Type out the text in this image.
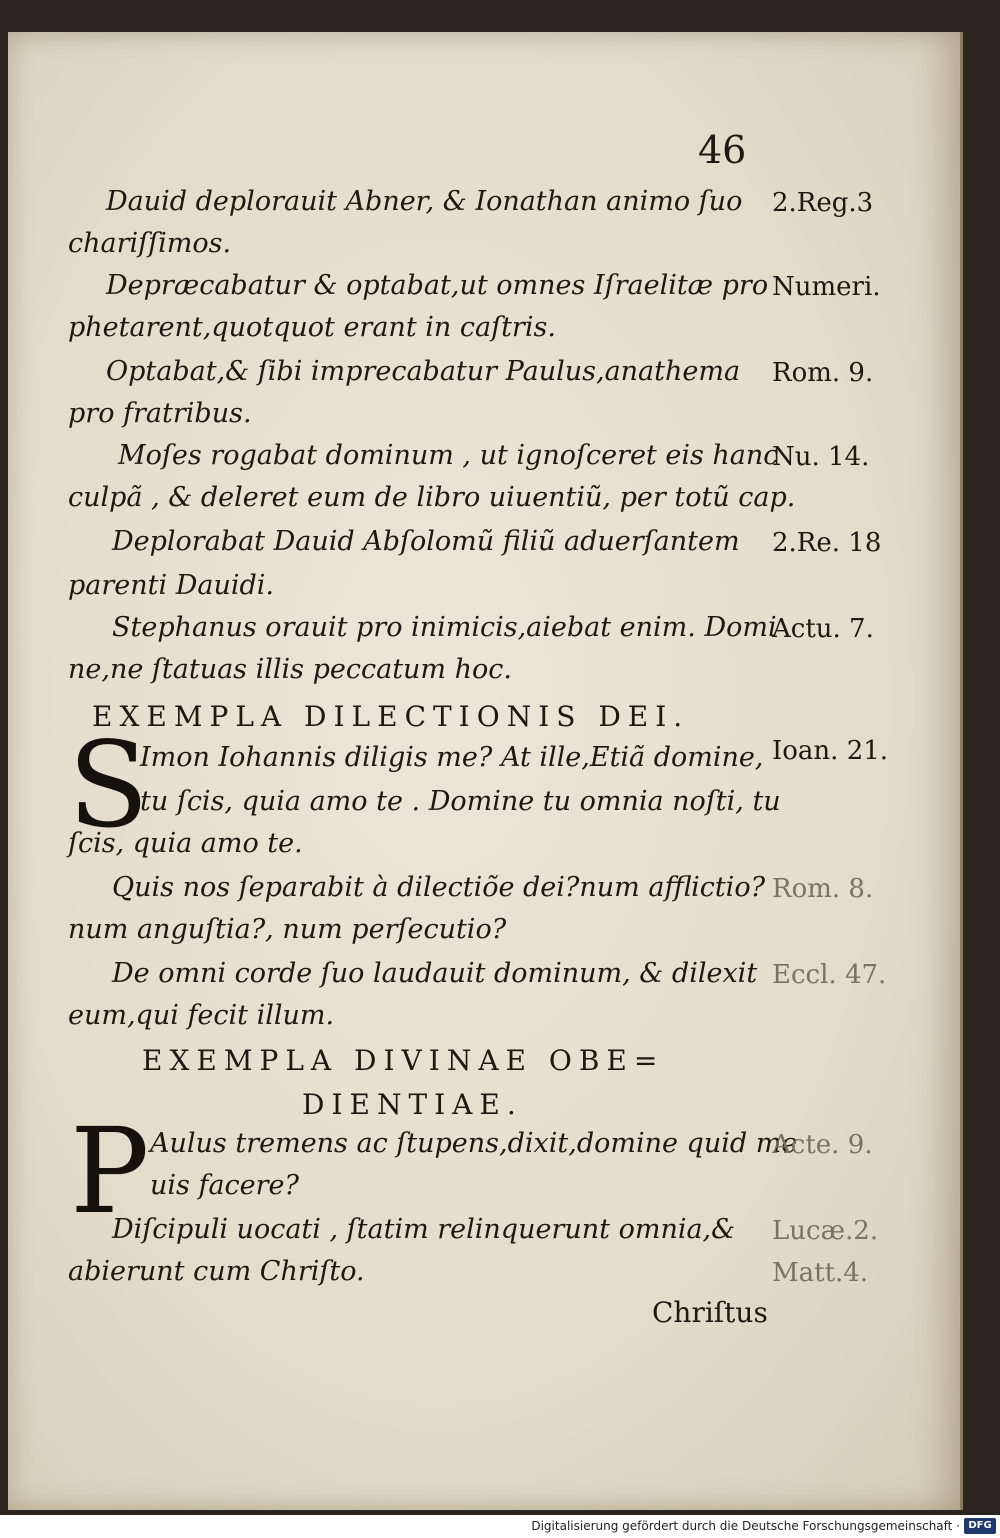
46
Dauid deplorauit Abner, & Ionathan animo ſuo
chariſſimos.
Depræcabatur & optabat,ut omnes Iſraelitæ pro
phetarent,quotquot erant in caſtris.
Optabat,& ſibi imprecabatur Paulus,anathema
pro fratribus.
Moſes rogabat dominum , ut ignoſceret eis hanc
culpã , & deleret eum de libro uiuentiũ, per totũ cap.
Deplorabat Dauid Abſolomũ filiũ aduerſantem
parenti Dauidi.
Stephanus orauit pro inimicis,aiebat enim. Domi
ne,ne ſtatuas illis peccatum hoc.
EXEMPLA DILECTIONIS DEI.
S
Imon Iohannis diligis me? At ille,Etiã domine,
tu ſcis, quia amo te . Domine tu omnia noſti, tu
ſcis, quia amo te.
Quis nos ſeparabit à dilectiõe dei?num afflictio?
num anguſtia?, num perſecutio?
De omni corde ſuo laudauit dominum, & dilexit
eum,qui fecit illum.
EXEMPLA DIVINAE OBE=
DIENTIAE.
P Aulus tremens ac ſtupens,dixit,domine quid me
uis facere?
Diſcipuli uocati , ſtatim relinquerunt omnia,&
abierunt cum Chriſto.
2.Reg.3
Numeri.
Rom. 9.
Nu. 14.
2.Re. 18
Actu. 7.
Ioan. 21.
Rom. 8.
Eccl. 47.
Acte. 9.
Lucæ.2.
Matt.4.
Chriſtus
Digitalisierung gefördert durch die Deutsche Forschungsgemeinschaft · DFG
